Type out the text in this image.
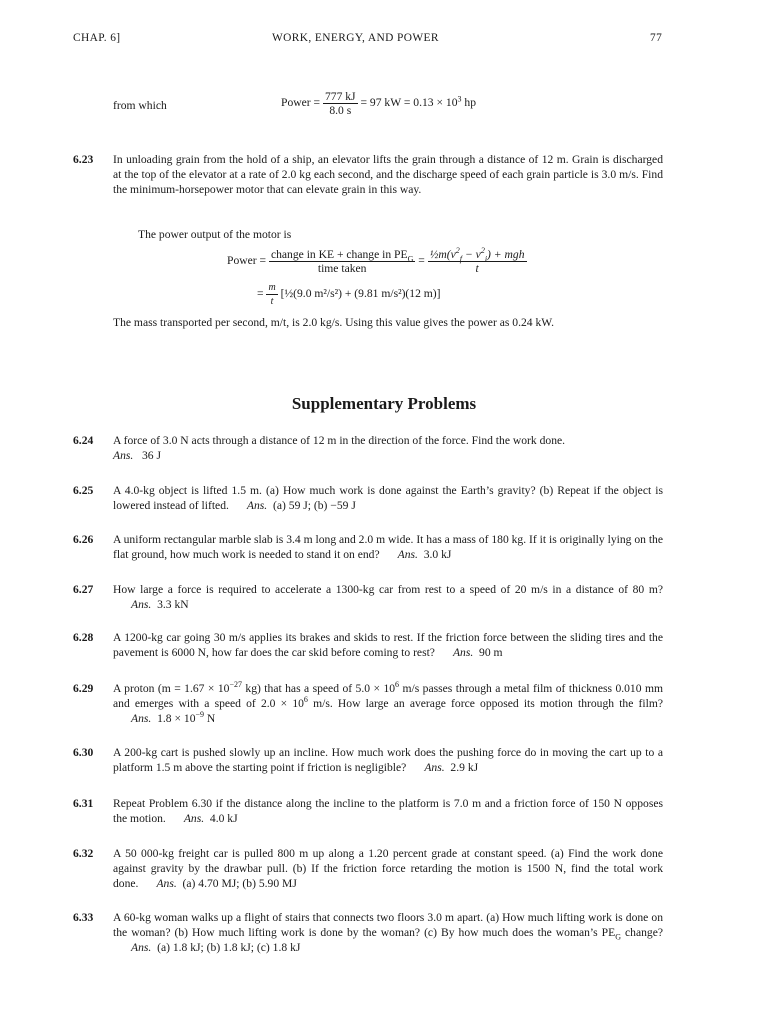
CHAP. 6]	WORK, ENERGY, AND POWER	77
from which	Power = $\frac{777 kJ}{8.0 s} = 97$ kW = $0.13 \times 10^3$ hp
6.23 In unloading grain from the hold of a ship, an elevator lifts the grain through a distance of 12 m. Grain is discharged at the top of the elevator at a rate of 2.0 kg each second, and the discharge speed of each grain particle is 3.0 m/s. Find the minimum-horsepower motor that can elevate grain in this way.
The power output of the motor is
Power = $\frac{change in KE + change in PE_G}{\text{time taken}} = \frac{\frac{1}{2}m(v^2_f - v^2_i) + mgh}{t}$
= $\frac{m}{t}$ [½(9.0 m²/s²) + (9.81 m/s²)(12 m)]
The mass transported per second, m/t, is 2.0 kg/s. Using this value gives the power as 0.24 kW.
Supplementary Problems
6.24 A force of 3.0 N acts through a distance of 12 m in the direction of the force. Find the work done.
Ans. 36 J
6.25 A 4.0-kg object is lifted 1.5 m. (a) How much work is done against the Earth’s gravity? (b) Repeat if the object is lowered instead of lifted. Ans. (a) 59 J; (b) −59 J
6.26 A uniform rectangular marble slab is 3.4 m long and 2.0 m wide. It has a mass of 180 kg. If it is originally lying on the flat ground, how much work is needed to stand it on end? Ans. 3.0 kJ
6.27 How large a force is required to accelerate a 1300-kg car from rest to a speed of 20 m/s in a distance of 80 m?Ans. 3.3 kN
6.28 A 1200-kg car going 30 m/s applies its brakes and skids to rest. If the friction force between the sliding tires and the pavement is 6000 N, how far does the car skid before coming to rest? Ans. 90 m
6.29 A proton ($m = 1.67 \times 10^{-27}$ kg) that has a speed of $5.0 \times 10^6$ m/s passes through a metal film of thickness 0.010 mm and emerges with a speed of $2.0 \times 10^6$ m/s. How large an average force opposed its motion through the film?Ans. $1.8 \times 10^{-9}$ N
6.30 A 200-kg cart is pushed slowly up an incline. How much work does the pushing force do in moving the cart up to a platform 1.5 m above the starting point if friction is negligible? Ans. 2.9 kJ
6.31 Repeat Problem 6.30 if the distance along the incline to the platform is 7.0 m and a friction force of 150 N opposes the motion. Ans. 4.0 kJ
6.32 A 50 000-kg freight car is pulled 800 m up along a 1.20 percent grade at constant speed. (a) Find the work done against gravity by the drawbar pull. (b) If the friction force retarding the motion is 1500 N, find the total work done. Ans. (a) 4.70 MJ; (b) 5.90 MJ
6.33 A 60-kg woman walks up a flight of stairs that connects two floors 3.0 m apart. (a) How much lifting work is done on the woman? (b) How much lifting work is done by the woman? (c) By how much does the woman’s $PE_G$ change?Ans. (a) 1.8 kJ; (b) 1.8 kJ; (c) 1.8 kJ
